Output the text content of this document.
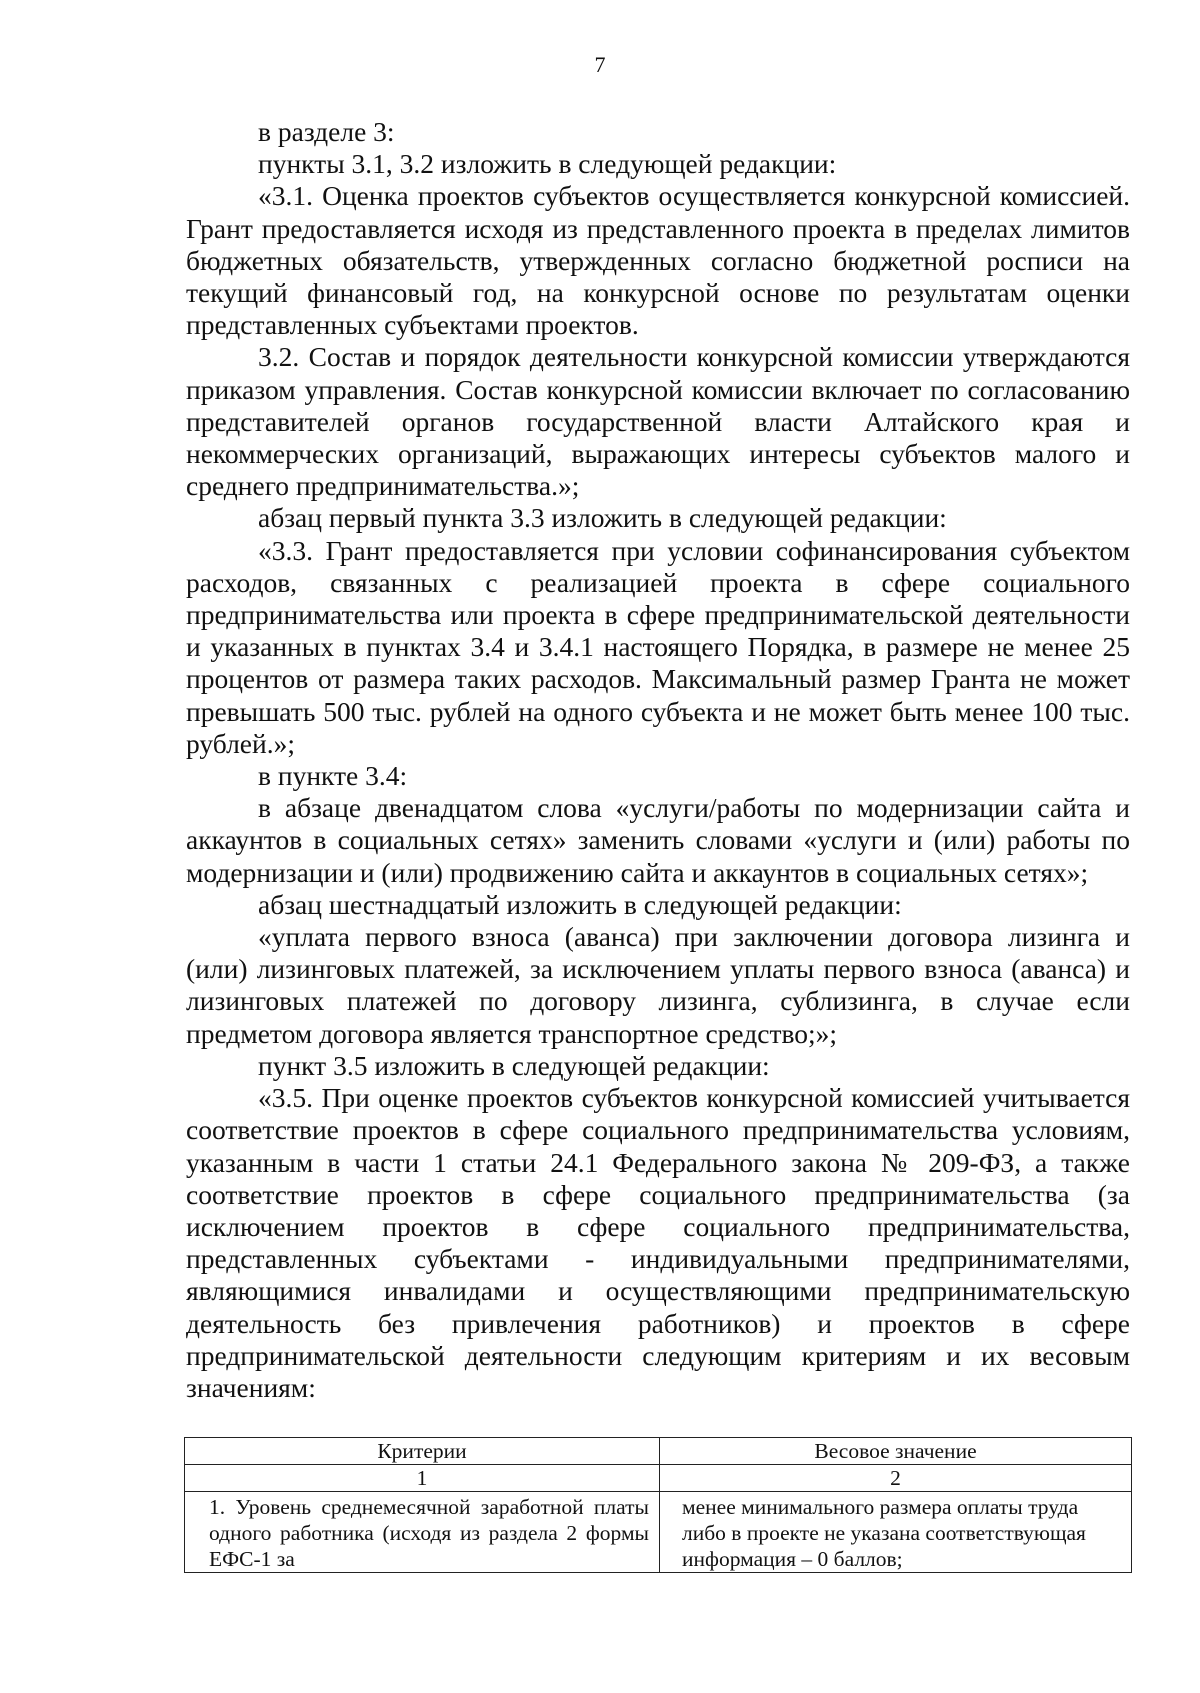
7

в разделе 3:

пункты 3.1, 3.2 изложить в следующей редакции:

«3.1. Оценка проектов субъектов осуществляется конкурсной комиссией. Грант предоставляется исходя из представленного проекта в пределах лимитов бюджетных обязательств, утвержденных согласно бюджетной росписи на текущий финансовый год, на конкурсной основе по результатам оценки представленных субъектами проектов.

3.2. Состав и порядок деятельности конкурсной комиссии утверждаются приказом управления. Состав конкурсной комиссии включает по согласованию представителей органов государственной власти Алтайского края и некоммерческих организаций, выражающих интересы субъектов малого и среднего предпринимательства.»;

абзац первый пункта 3.3 изложить в следующей редакции:

«3.3. Грант предоставляется при условии софинансирования субъектом расходов, связанных с реализацией проекта в сфере социального предпринимательства или проекта в сфере предпринимательской деятельности и указанных в пунктах 3.4 и 3.4.1 настоящего Порядка, в размере не менее 25 процентов от размера таких расходов. Максимальный размер Гранта не может превышать 500 тыс. рублей на одного субъекта и не может быть менее 100 тыс. рублей.»;

в пункте 3.4:

в абзаце двенадцатом слова «услуги/работы по модернизации сайта и аккаунтов в социальных сетях» заменить словами «услуги и (или) работы по модернизации и (или) продвижению сайта и аккаунтов в социальных сетях»;

абзац шестнадцатый изложить в следующей редакции:

«уплата первого взноса (аванса) при заключении договора лизинга и (или) лизинговых платежей, за исключением уплаты первого взноса (аванса) и лизинговых платежей по договору лизинга, сублизинга, в случае если предметом договора является транспортное средство;»;

пункт 3.5 изложить в следующей редакции:

«3.5. При оценке проектов субъектов конкурсной комиссией учитывается соответствие проектов в сфере социального предпринимательства условиям, указанным в части 1 статьи 24.1 Федерального закона № 209-ФЗ, а также соответствие проектов в сфере социального предпринимательства (за исключением проектов в сфере социального предпринимательства, представленных субъектами - индивидуальными предпринимателями, являющимися инвалидами и осуществляющими предпринимательскую деятельность без привлечения работников) и проектов в сфере предпринимательской деятельности следующим критериям и их весовым значениям:

Критерии	Весовое значение
1	2
1. Уровень среднемесячной заработной платы одного работника (исходя из раздела 2 формы ЕФС-1 за	менее минимального размера оплаты труда либо в проекте не указана соответствующая информация – 0 баллов;
